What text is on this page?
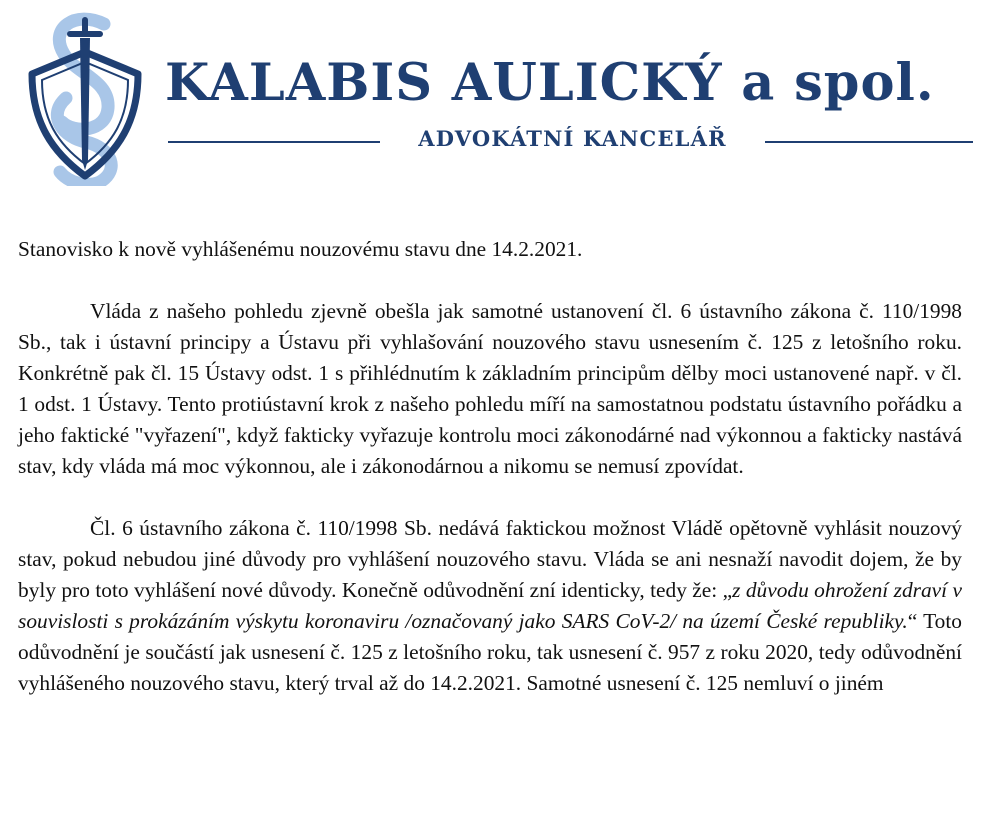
KALABIS AULICKÝ a spol.
ADVOKÁTNÍ KANCELÁŘ

Stanovisko k nově vyhlášenému nouzovému stavu dne 14.2.2021.

Vláda z našeho pohledu zjevně obešla jak samotné ustanovení čl. 6 ústavního zákona č. 110/1998 Sb., tak i ústavní principy a Ústavu při vyhlašování nouzového stavu usnesením č. 125 z letošního roku. Konkrétně pak čl. 15 Ústavy odst. 1 s přihlédnutím k základním principům dělby moci ustanovené např. v čl. 1 odst. 1 Ústavy. Tento protiústavní krok z našeho pohledu míří na samostatnou podstatu ústavního pořádku a jeho faktické "vyřazení", když fakticky vyřazuje kontrolu moci zákonodárné nad výkonnou a fakticky nastává stav, kdy vláda má moc výkonnou, ale i zákonodárnou a nikomu se nemusí zpovídat.

Čl. 6 ústavního zákona č. 110/1998 Sb. nedává faktickou možnost Vládě opětovně vyhlásit nouzový stav, pokud nebudou jiné důvody pro vyhlášení nouzového stavu. Vláda se ani nesnaží navodit dojem, že by byly pro toto vyhlášení nové důvody. Konečně odůvodnění zní identicky, tedy že: „z důvodu ohrožení zdraví v souvislosti s prokázáním výskytu koronaviru /označovaný jako SARS CoV-2/ na území České republiky.“ Toto odůvodnění je součástí jak usnesení č. 125 z letošního roku, tak usnesení č. 957 z roku 2020, tedy odůvodnění vyhlášeného nouzového stavu, který trval až do 14.2.2021. Samotné usnesení č. 125 nemluví o jiném
